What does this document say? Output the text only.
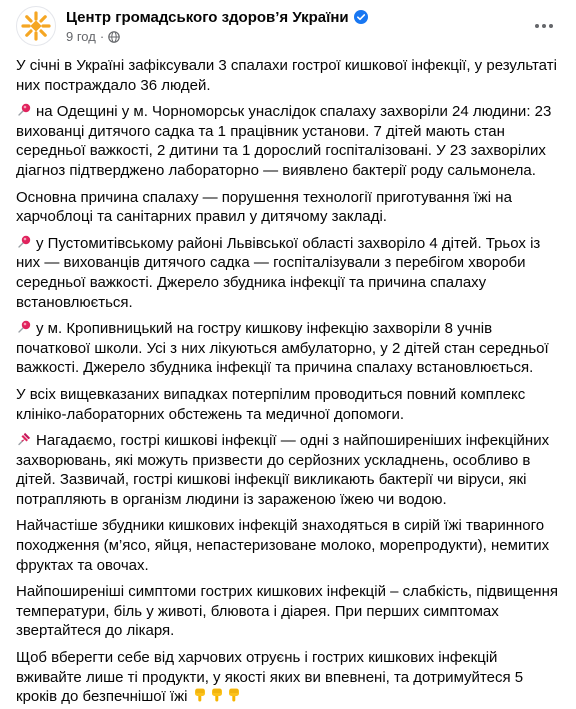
Центр громадського здоров’я України
9 год ·
У січні в Україні зафіксували 3 спалахи гострої кишкової інфекції, у результаті них постраждало 36 людей.
на Одещині у м. Чорноморськ унаслідок спалаху захворіли 24 людини: 23 вихованці дитячого садка та 1 працівник установи. 7 дітей мають стан середньої важкості, 2 дитини та 1 дорослий госпіталізовані. У 23 захворілих діагноз підтверджено лабораторно — виявлено бактерії роду сальмонела.
Основна причина спалаху — порушення технології приготування їжі на харчоблоці та санітарних правил у дитячому закладі.
у Пустомитівському районі Львівської області захворіло 4 дітей. Трьох із них — вихованців дитячого садка — госпіталізували з перебігом хвороби середньої важкості. Джерело збудника інфекції та причина спалаху встановлюється.
у м. Кропивницький на гостру кишкову інфекцію захворіли 8 учнів початкової школи. Усі з них лікуються амбулаторно, у 2 дітей стан середньої важкості. Джерело збудника інфекції та причина спалаху встановлюється.
У всіх вищевказаних випадках потерпілим проводиться повний комплекс клініко-лабораторних обстежень та медичної допомоги.
Нагадаємо, гострі кишкові інфекції — одні з найпоширеніших інфекційних захворювань, які можуть призвести до серйозних ускладнень, особливо в дітей. Зазвичай, гострі кишкові інфекції викликають бактерії чи віруси, які потрапляють в організм людини із зараженою їжею чи водою.
Найчастіше збудники кишкових інфекцій знаходяться в сирій їжі тваринного походження (м’ясо, яйця, непастеризоване молоко, морепродукти), немитих фруктах та овочах.
Найпоширеніші симптоми гострих кишкових інфекцій – слабкість, підвищення температури, біль у животі, блювота і діарея. При перших симптомах звертайтеся до лікаря.
Щоб вберегти себе від харчових отруєнь і гострих кишкових інфекцій вживайте лише ті продукти, у якості яких ви впевнені, та дотримуйтеся 5 кроків до безпечнішої їжі
